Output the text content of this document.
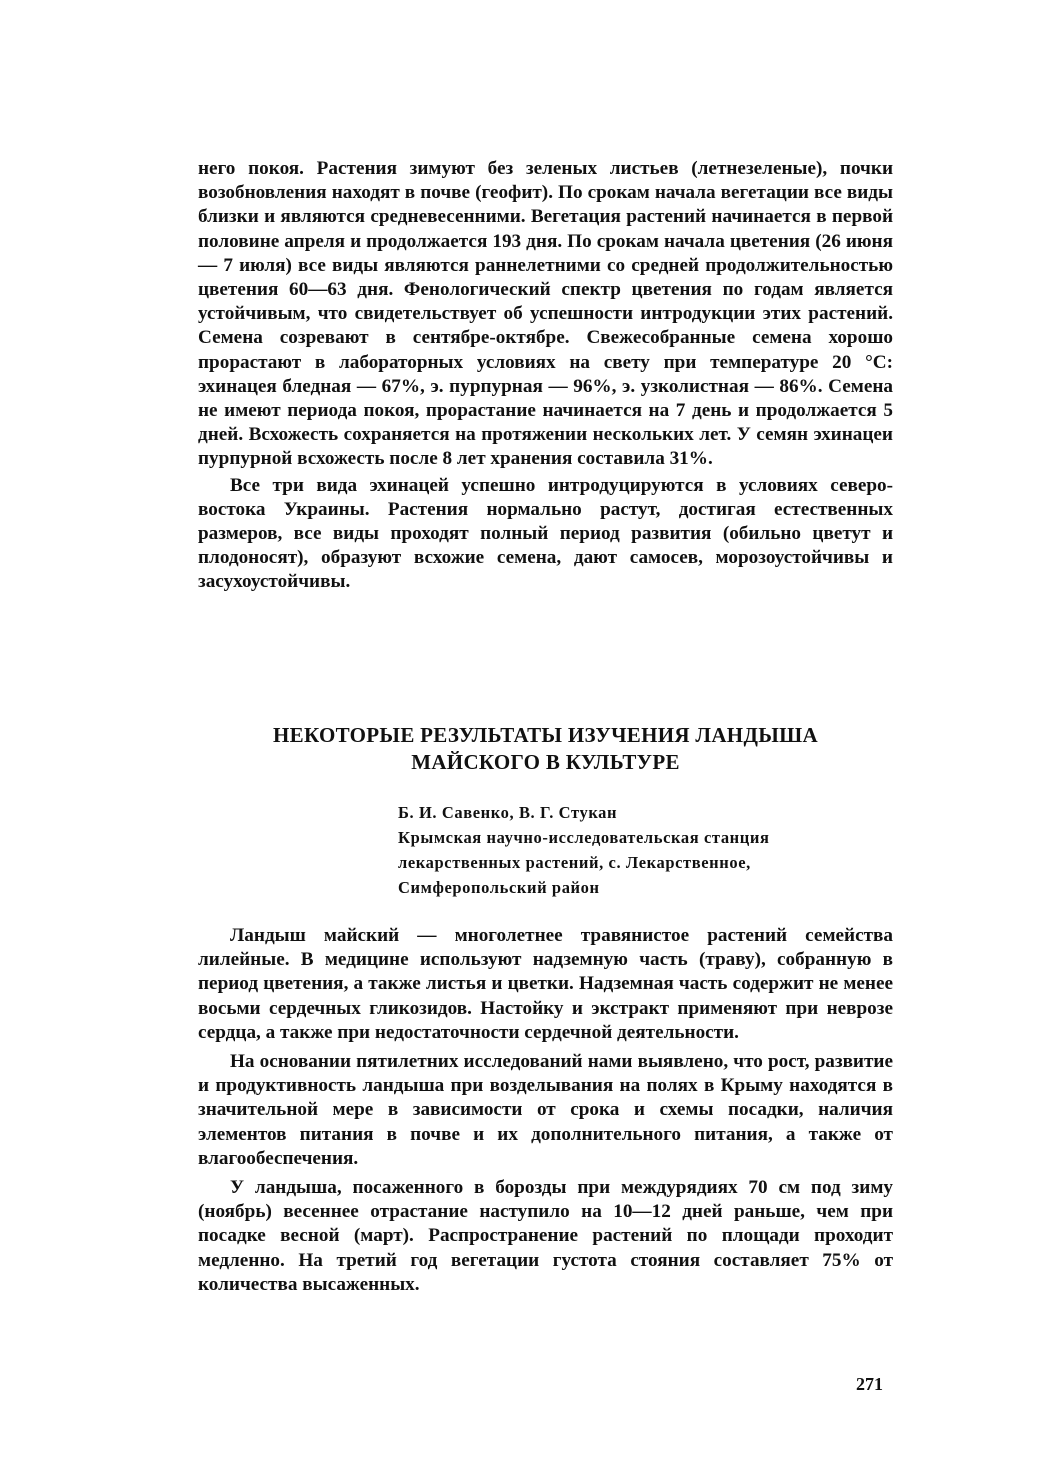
него покоя. Растения зимуют без зеленых листьев (летнезеленые), почки возобновления находят в почве (геофит). По срокам начала вегетации все виды близки и являются средневесенними. Вегетация растений начинается в первой половине апреля и продолжается 193 дня. По срокам начала цветения (26 июня — 7 июля) все виды являются раннелетними со средней продолжительностью цветения 60—63 дня. Фенологический спектр цветения по годам является устойчивым, что свидетельствует об успешности интродукции этих растений. Семена созревают в сентябре-октябре. Свежесобранные семена хорошо прорастают в лабораторных условиях на свету при температуре 20 °С: эхинацея бледная — 67%, э. пурпурная — 96%, э. узколистная — 86%. Семена не имеют периода покоя, прорастание начинается на 7 день и продолжается 5 дней. Всхожесть сохраняется на протяжении нескольких лет. У семян эхинацеи пурпурной всхожесть после 8 лет хранения составила 31%.

Все три вида эхинацей успешно интродуцируются в условиях северо-востока Украины. Растения нормально растут, достигая естественных размеров, все виды проходят полный период развития (обильно цветут и плодоносят), образуют всхожие семена, дают самосев, морозоустойчивы и засухоустойчивы.

НЕКОТОРЫЕ РЕЗУЛЬТАТЫ ИЗУЧЕНИЯ ЛАНДЫША
МАЙСКОГО В КУЛЬТУРЕ
Б. И. Савенко, В. Г. Стукан
Крымская научно-исследовательская станция
лекарственных растений, с. Лекарственное,
Симферопольский район

Ландыш майский — многолетнее травянистое растений семейства лилейные. В медицине используют надземную часть (траву), собранную в период цветения, а также листья и цветки. Надземная часть содержит не менее восьми сердечных гликозидов. Настойку и экстракт применяют при неврозе сердца, а также при недостаточности сердечной деятельности.

На основании пятилетних исследований нами выявлено, что рост, развитие и продуктивность ландыша при возделывания на полях в Крыму находятся в значительной мере в зависимости от срока и схемы посадки, наличия элементов питания в почве и их дополнительного питания, а также от влагообеспечения.

У ландыша, посаженного в борозды при междурядиях 70 см под зиму (ноябрь) весеннее отрастание наступило на 10—12 дней раньше, чем при посадке весной (март). Распространение растений по площади проходит медленно. На третий год вегетации густота стояния составляет 75% от количества высаженных.

271
